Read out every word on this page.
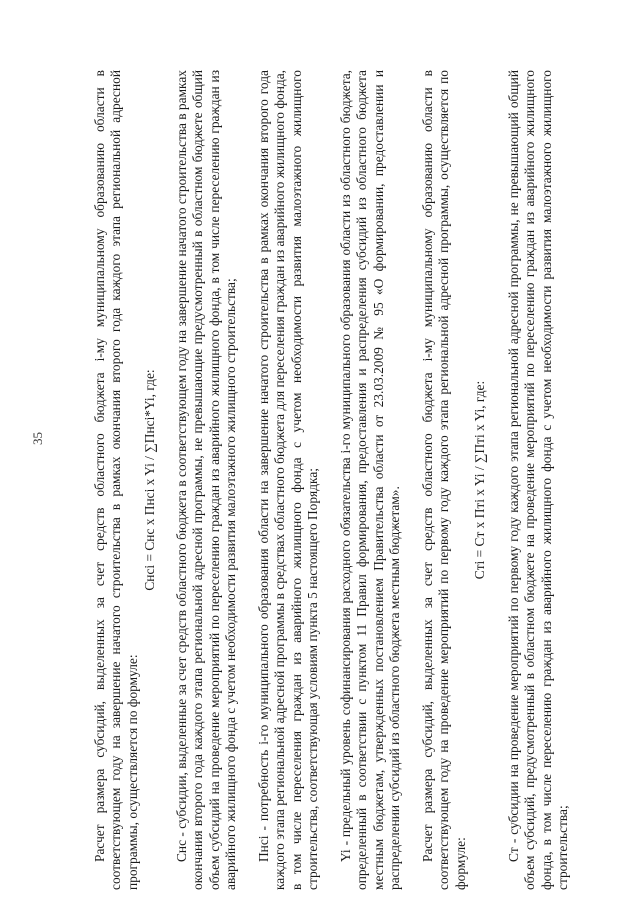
35	Расчет размера субсидий, выделенных за счет средств областного бюджета i-му муниципальному образованию области в соответствующем году на завершение начатого строительства в рамках окончания второго года каждого этапа региональной адресной программы, осуществляется по формуле:

Cнci = Cнc x Пнсi x Yi / ∑Пнсi*Yi, где: Cнc - субсидии, выделенные за счет средств областного бюджета в соответствующем году на завершение начатого строительства в рамках окончания второго года каждого этапа региональной адресной программы, не превышающие предусмотренный в областном бюджете общий объем субсидий на проведение мероприятий по переселению граждан из аварийного жилищного фонда, в том числе переселению граждан из аварийного жилищного фонда с учетом необходимости развития малоэтажного жилищного строительства; Пнсi - потребность i-го муниципального образования области на завершение начатого строительства в рамках окончания второго года каждого этапа региональной адресной программы в средствах областного бюджета для переселения граждан из аварийного жилищного фонда, в том числе переселения граждан из аварийного жилищного фонда с учетом необходимости развития малоэтажного жилищного строительства, соответствующая условиям пункта 5 настоящего Порядка; Yi - предельный уровень софинансирования расходного обязательства i-го муниципального образования области из областного бюджета, определенный в соответствии с пунктом 11 Правил формирования, предоставления и распределения субсидий из областного бюджета местным бюджетам, утвержденных постановлением Правительства области от 23.03.2009 № 95 «О формировании, предоставлении и распределении субсидий из областного бюджета местным бюджетам». Расчет размера субсидий, выделенных за счет средств областного бюджета i-му муниципальному образованию области в соответствующем году на проведение мероприятий по первому году каждого этапа региональной адресной программы, осуществляется по формуле:

Cтi = Cт x Птi x Yi / ∑Птi x Yi, где: Cт - субсидии на проведение мероприятий по первому году каждого этапа региональной адресной программы, не превышающий общий объем субсидий, предусмотренный в областном бюджете на проведение мероприятий по переселению граждан из аварийного жилищного фонда, в том числе переселению граждан из аварийного жилищного фонда с учетом необходимости развития малоэтажного жилищного строительства;
